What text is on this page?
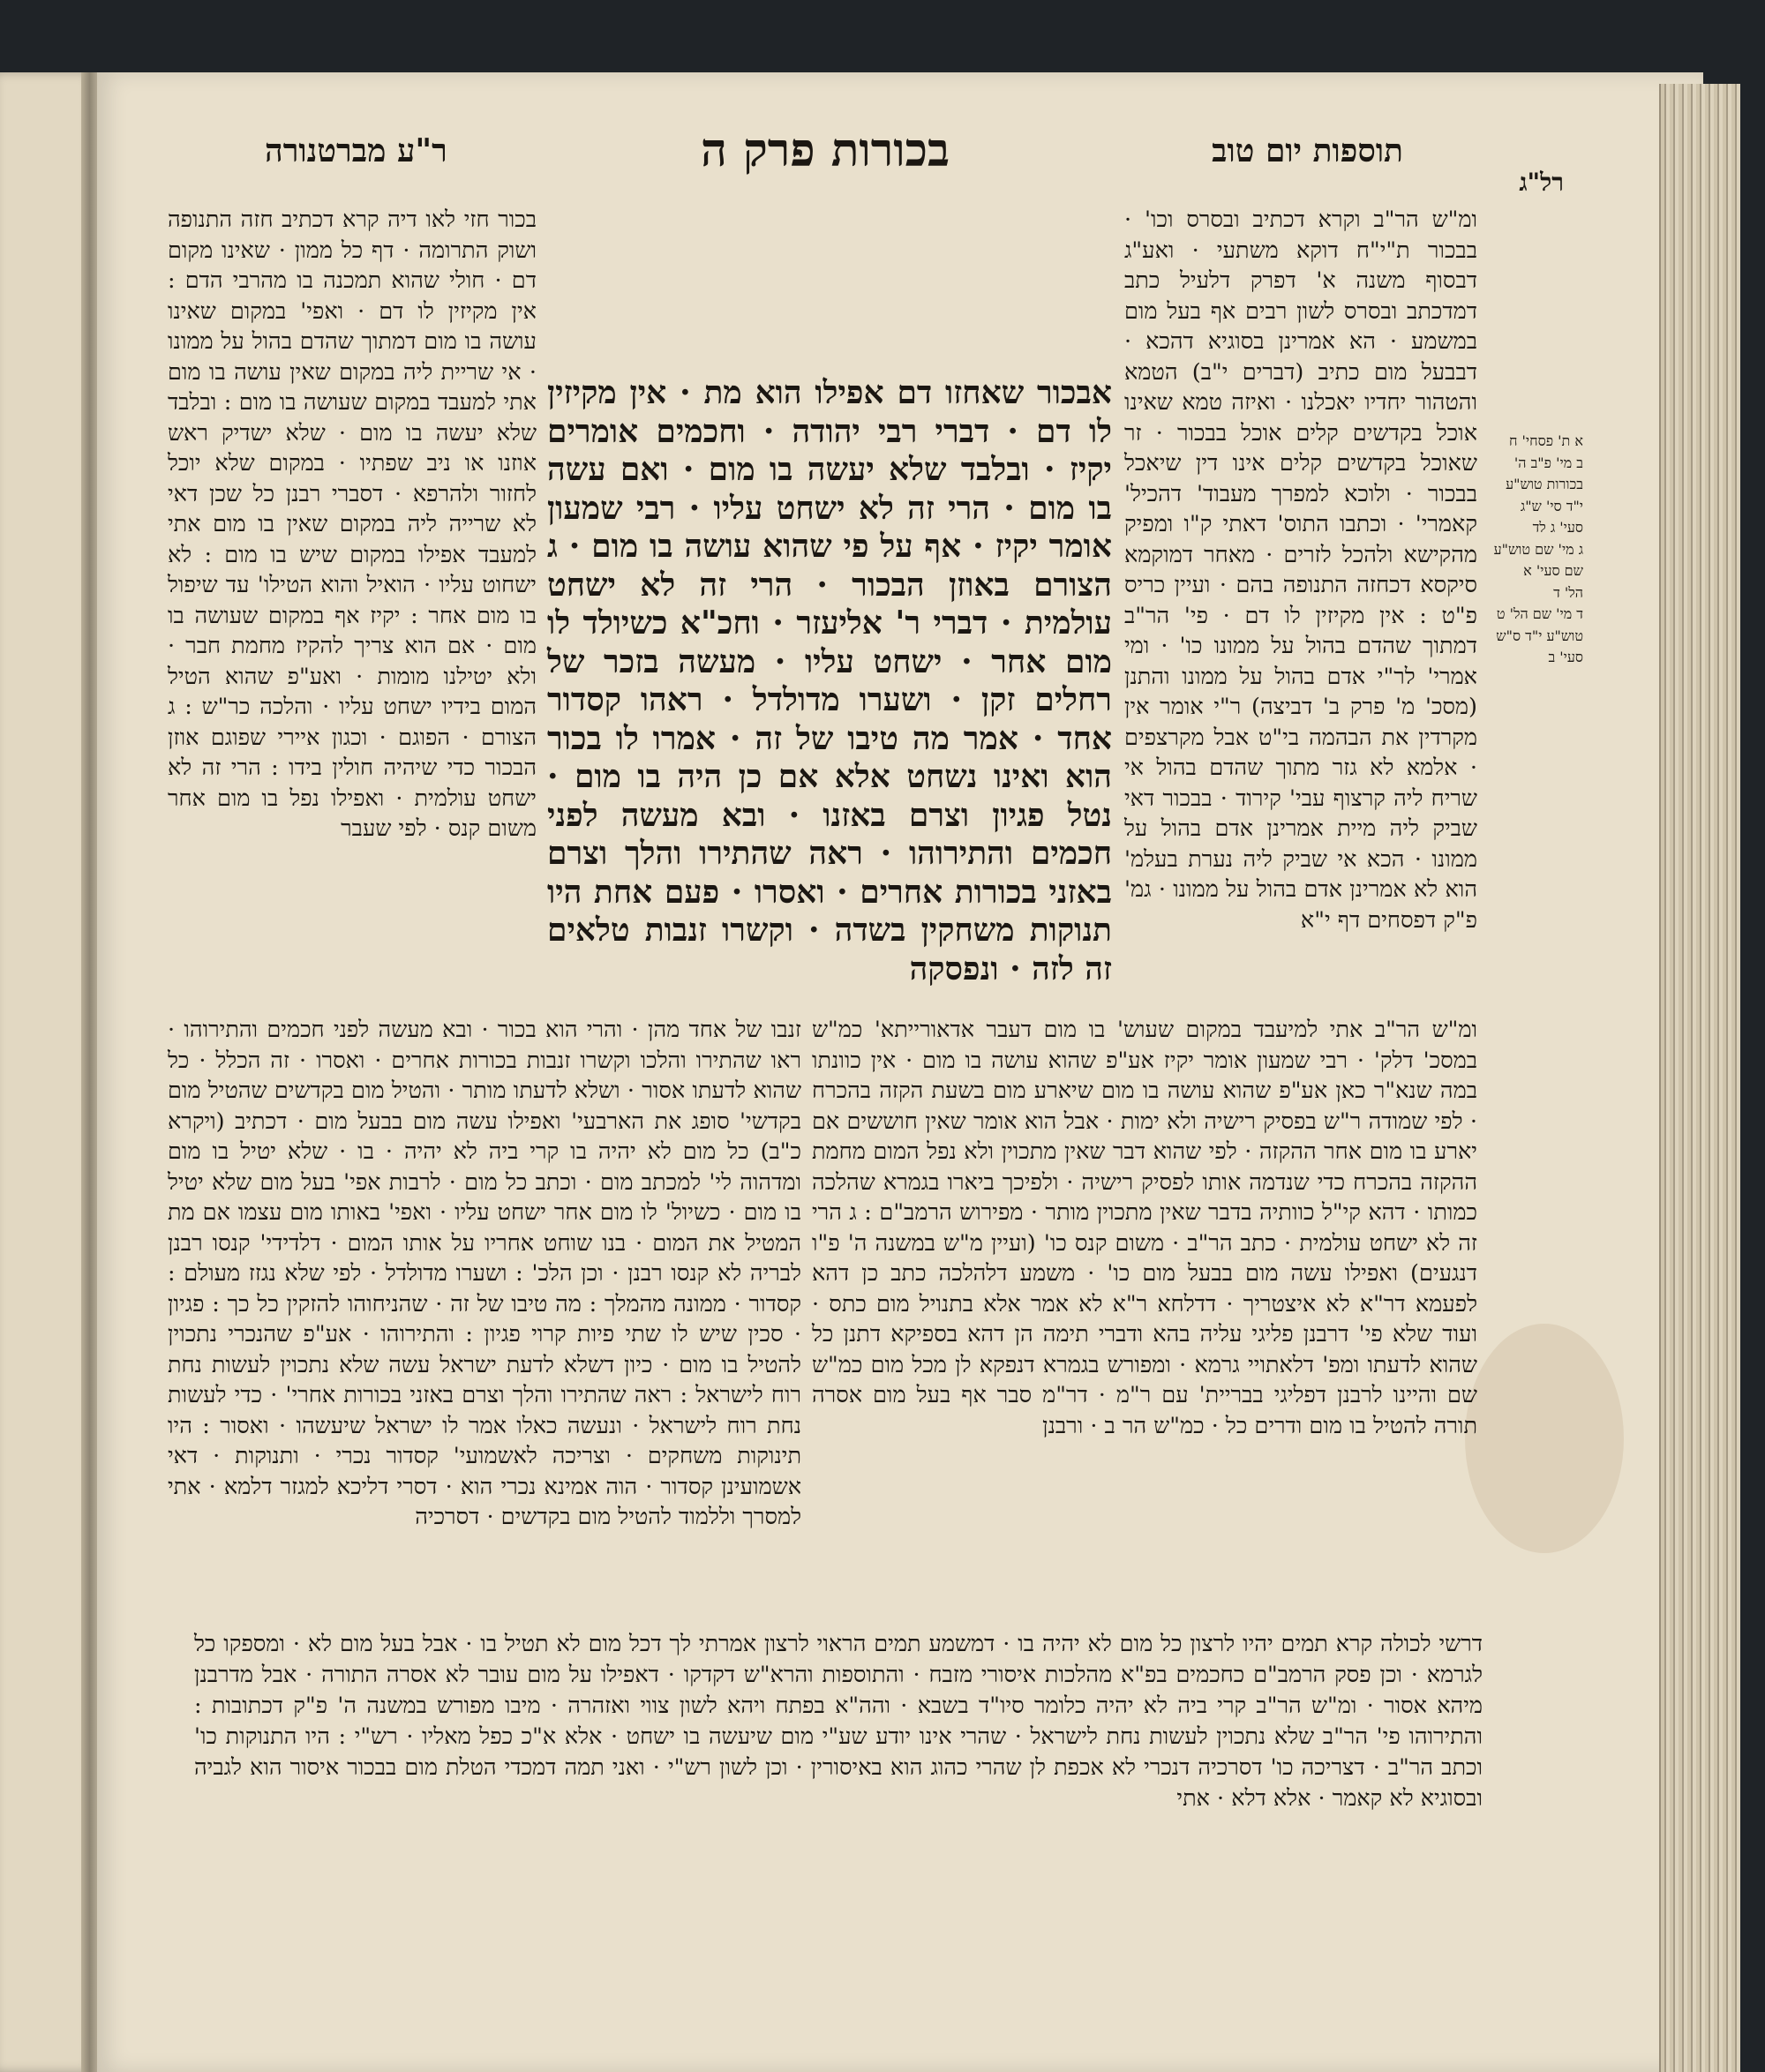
תוספות יום טוב
בכורות פרק ה
ר"ע מברטנורה
רל"ג

ומ"ש הר"ב וקרא דכתיב ובסרס וכו' · בבכור ת"י"ח דוקא משתעי · ואע"ג דבסוף משנה א' דפרק דלעיל כתב דמדכתב ובסרס לשון רבים אף בעל מום במשמע · הא אמרינן בסוגיא דהכא · דבבעל מום כתיב (דברים י"ב) הטמא והטהור יחדיו יאכלנו · ואיזה טמא שאינו אוכל בקדשים קלים אוכל בבכור · זר שאוכל בקדשים קלים אינו דין שיאכל בבכור · ולוכא למפרך מעבוד' דהכיל' קאמרי' · וכתבו התוס' דאתי ק"ו ומפיק מהקישא ולהכל לזרים · מאחר דמוקמא סיקסא דכחזה התנופה בהם · ועיין כריס פ"ט : אין מקיזין לו דם · פי' הר"ב דמתוך שהדם בהול על ממונו כו' · ומי אמרי' לר"י אדם בהול על ממונו והתנן (מסכ' מ' פרק ב' דביצה) ר"י אומר אין מקרדין את הבהמה בי"ט אבל מקרצפים · אלמא לא גזר מתוך שהדם בהול אי שריח ליה קרצוף עבי' קירוד · בבכור דאי שביק ליה מיית אמרינן אדם בהול על ממונו · הכא אי שביק ליה נערת בעלמ' הוא לא אמרינן אדם בהול על ממונו · גמ' פ"ק דפסחים דף י"א

ומ"ש הר"ב אתי למיעבד במקום שעוש' בו מום דעבר אדאורייתא' כמ"ש במסכ' דלק' · רבי שמעון אומר יקיז אע"פ שהוא עושה בו מום · אין כוונתו במה שנא"ר כאן אע"פ שהוא עושה בו מום שיארע מום בשעת הקזה בהכרח · לפי שמודה ר"ש בפסיק רישיה ולא ימות · אבל הוא אומר שאין חוששים אם יארע בו מום אחר ההקזה · לפי שהוא דבר שאין מתכוין ולא נפל המום מחמת ההקזה בהכרח כדי שנדמה אותו לפסיק רישיה · ולפיכך ביארו בגמרא שהלכה כמותו · דהא קי"ל כוותיה בדבר שאין מתכוין מותר · מפירוש הרמב"ם : ג הרי זה לא ישחט עולמית · כתב הר"ב · משום קנס כו' (ועיין מ"ש במשנה ה' פ"ו דנגעים) ואפילו עשה מום בבעל מום כו' · משמע דלהלכה כתב כן דהא לפעמא דר"א לא איצטריך · דדלחא ר"א לא אמר אלא בתנויל מום כתס · ועוד שלא פי' דרבנן פליגי עליה בהא ודברי תימה הן דהא בספיקא דתנן כל שהוא לדעתו ומפ' דלאתויי גרמא · ומפורש בגמרא דנפקא לן מכל מום כמ"ש שם והיינו לרבנן דפליגי בבריית' עם ר"מ · דר"מ סבר אף בעל מום אסרה תורה להטיל בו מום ודרים כל · כמ"ש הר ב · ורבנן

בכור חזי לאו דיה קרא דכתיב חזה התנופה ושוק התרומה · דף כל ממון · שאינו מקום דם · חולי שהוא תמכנה בו מהרבי הדם : אין מקיזין לו דם · ואפי' במקום שאינו עושה בו מום דמתוך שהדם בהול על ממונו · אי שריית ליה במקום שאין עושה בו מום אתי למעבד במקום שעושה בו מום : ובלבד שלא יעשה בו מום · שלא ישדיק ראש אוזנו או ניב שפתיו · במקום שלא יוכל לחזור ולהרפא · דסברי רבנן כל שכן דאי לא שרייה ליה במקום שאין בו מום אתי למעבד אפילו במקום שיש בו מום : לא ישחוט עליו · הואיל והוא הטילו' עד שיפול בו מום אחר : יקיז אף במקום שעושה בו מום · אם הוא צריך להקיז מחמת חבר · ולא יטילנו מומות · ואע"פ שהוא הטיל המום בידיו ישחט עליו · והלכה כר"ש : ג הצורם · הפוגם · וכגון איירי שפוגם אוזן הבכור כדי שיהיה חולין בידו : הרי זה לא ישחט עולמית · ואפילו נפל בו מום אחר משום קנס · לפי שעבר

אבכור שאחזו דם אפילו הוא מת · אין מקיזין לו דם · דברי רבי יהודה · וחכמים אומרים יקיז · ובלבד שלא יעשה בו מום · ואם עשה בו מום · הרי זה לא ישחט עליו · רבי שמעון אומר יקיז · אף על פי שהוא עושה בו מום · ג הצורם באוזן הבכור · הרי זה לא ישחט עולמית · דברי ר' אליעזר · וחכ"א כשיולד לו מום אחר · ישחט עליו · מעשה בזכר של רחלים זקן · ושערו מדולדל · ראהו קסדור אחד · אמר מה טיבו של זה · אמרו לו בכור הוא ואינו נשחט אלא אם כן היה בו מום · נטל פגיון וצרם באזנו · ובא מעשה לפני חכמים והתירוהו · ראה שהתירו והלך וצרם באזני בכורות אחרים · ואסרו · פעם אחת היו תנוקות משחקין בשדה · וקשרו זנבות טלאים זה לזה · ונפסקה

זנבו של אחד מהן · והרי הוא בכור · ובא מעשה לפני חכמים והתירוהו · ראו שהתירו והלכו וקשרו זנבות בכורות אחרים · ואסרו · זה הכלל · כל שהוא לדעתו אסור · ושלא לדעתו מותר · והטיל מום בקדשים שהטיל מום בקדשי' סופג את הארבעי' ואפילו עשה מום בבעל מום · דכתיב (ויקרא כ"ב) כל מום לא יהיה בו קרי ביה לא יהיה · בו · שלא יטיל בו מום ומדהוה לי' למכתב מום · וכתב כל מום · לרבות אפי' בעל מום שלא יטיל בו מום · כשיול' לו מום אחר ישחט עליו · ואפי' באותו מום עצמו אם מת המטיל את המום · בנו שוחט אחריו על אותו המום · דלדידי' קנסו רבנן לבריה לא קנסו רבנן · וכן הלכ' : ושערו מדולדל · לפי שלא נגזז מעולם : קסדור · ממונה מהמלך : מה טיבו של זה · שהניחוהו להזקין כל כך : פגיון · סכין שיש לו שתי פיות קרוי פגיון : והתירוהו · אע"פ שהנכרי נתכוין להטיל בו מום · כיון דשלא לדעת ישראל עשה שלא נתכוין לעשות נחת רוח לישראל : ראה שהתירו והלך וצרם באזני בכורות אחרי' · כדי לעשות נחת רוח לישראל · ונעשה כאלו אמר לו ישראל שיעשהו · ואסור : היו תינוקות משחקים · וצריכה לאשמועי' קסדור נכרי · ותנוקות · דאי אשמועינן קסדור · הוה אמינא נכרי הוא · דסרי דליכא למגזר דלמא · אתי למסרך וללמוד להטיל מום בקדשים · דסרכיה

דרשי לכולה קרא תמים יהיו לרצון כל מום לא יהיה בו · דמשמע תמים הראוי לרצון אמרתי לך דכל מום לא תטיל בו · אבל בעל מום לא · ומספקו כל לגרמא · וכן פסק הרמב"ם כחכמים בפ"א מהלכות איסורי מזבח · והתוספות והרא"ש דקדקו · דאפילו על מום עובר לא אסרה התורה · אבל מדרבנן מיהא אסור · ומ"ש הר"ב קרי ביה לא יהיה כלומר סיו"ד בשבא · והה"א בפתח ויהא לשון צווי ואזהרה · מיבו מפורש במשנה ה' פ"ק דכתובות : והתירוהו פי' הר"ב שלא נתכוין לעשות נחת לישראל · שהרי אינו יודע שע"י מום שיעשה בו ישחט · אלא א"כ כפל מאליו · רש"י : היו התנוקות כו' וכתב הר"ב · דצריכה כו' דסרכיה דנכרי לא אכפת לן שהרי כהוג הוא באיסורין · וכן לשון רש"י · ואני תמה דמכדי הטלת מום בבכור איסור הוא לגביה ובסוגיא לא קאמר · אלא דלא · אתי

א ת' פסחי' ח
ב מי' פ"ב ה'
בכורות טוש"ע
י"ד סי' ש"ג
סעי' ג לד
ג מי' שם טוש"ע
שם סעי' א
הל' ד
ד מי' שם הל' ט
טוש"ע י"ד ס"ש
סעי' ב
